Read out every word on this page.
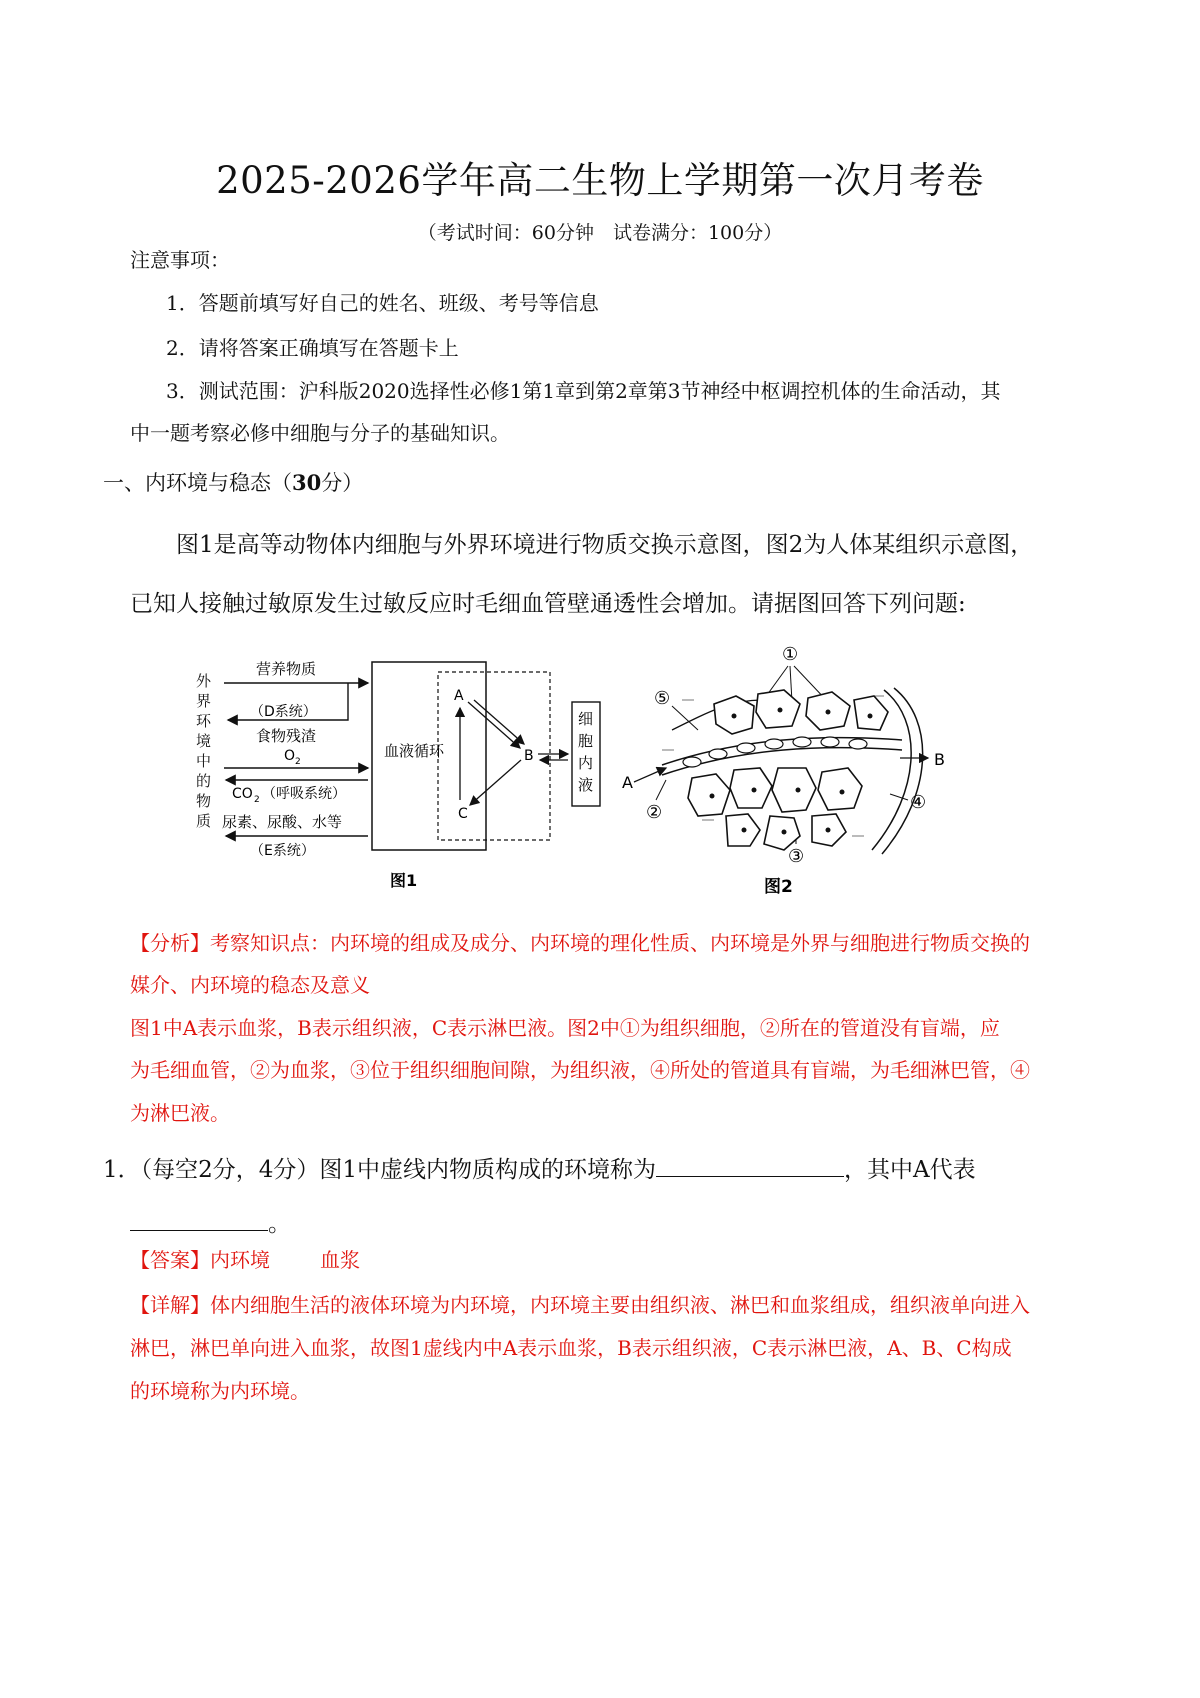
2025-2026学年高二生物上学期第一次月考卷
（考试时间：60分钟　试卷满分：100分）
注意事项：
1．答题前填写好自己的姓名、班级、考号等信息
2．请将答案正确填写在答题卡上
3．测试范围：沪科版2020选择性必修1第1章到第2章第3节神经中枢调控机体的生命活动，其
中一题考察必修中细胞与分子的基础知识。
一、内环境与稳态（30分）
图1是高等动物体内细胞与外界环境进行物质交换示意图，图2为人体某组织示意图，
已知人接触过敏原发生过敏反应时毛细血管壁通透性会增加。请据图回答下列问题:
外
界
环
境
中
的
物
质
血液循环
营养物质
（D系统）
食物残渣
O 2
CO 2 （呼吸系统）
尿素、尿酸、水等
（E系统）
A
B
C
细
胞
内
液
图1
①
⑤
A
②
B
④
③
图2
【分析】考察知识点：内环境的组成及成分、内环境的理化性质、内环境是外界与细胞进行物质交换的
媒介、内环境的稳态及意义
图1中A表示血浆，B表示组织液，C表示淋巴液。图2中①为组织细胞，②所在的管道没有盲端，应
为毛细血管，②为血浆，③位于组织细胞间隙，为组织液，④所处的管道具有盲端，为毛细淋巴管，④
为淋巴液。
1．（每空2分，4分）图1中虚线内物质构成的环境称为	，其中A代表
。
【答案】内环境	血浆
【详解】体内细胞生活的液体环境为内环境，内环境主要由组织液、淋巴和血浆组成，组织液单向进入
淋巴，淋巴单向进入血浆，故图1虚线内中A表示血浆，B表示组织液，C表示淋巴液，A、B、C构成
的环境称为内环境。
